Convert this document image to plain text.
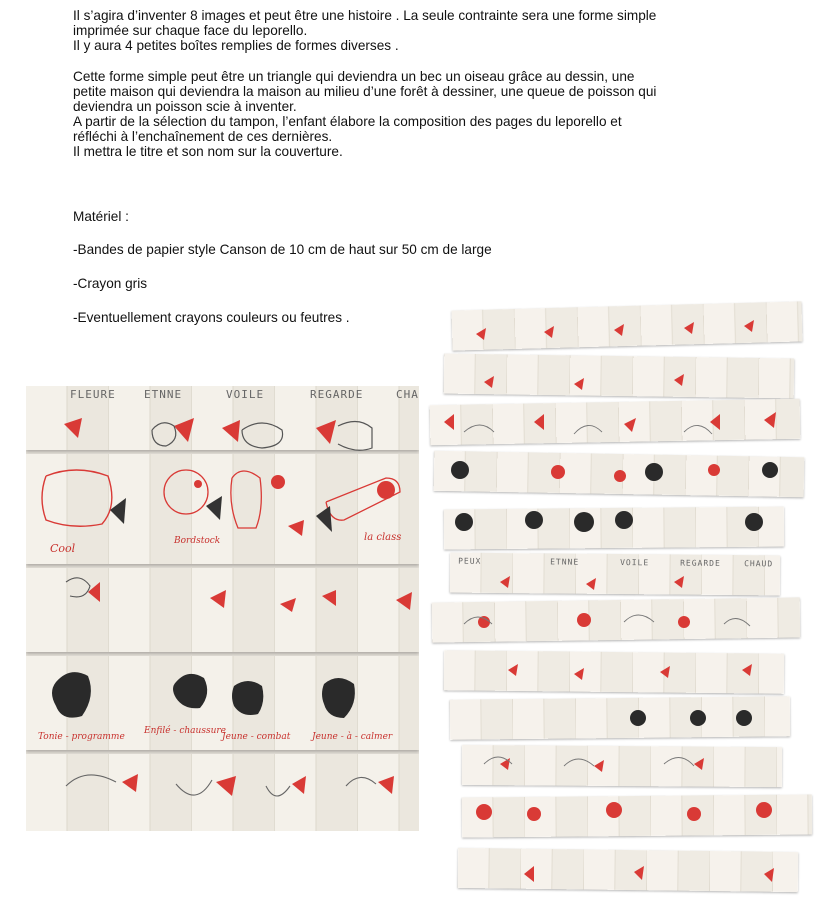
Il s’agira d’inventer 8 images et peut être une histoire . La seule contrainte sera une forme simple

imprimée sur chaque face du leporello.

Il y aura 4 petites boîtes remplies de formes diverses .

Cette forme simple peut être un triangle qui deviendra un bec un oiseau grâce au dessin, une

petite maison qui deviendra la maison au milieu d’une forêt à dessiner, une queue de poisson qui

deviendra un poisson scie à inventer.

A partir de la sélection du tampon, l’enfant élabore la composition des pages du leporello et

réfléchi à l’enchaînement de ces dernières.

Il mettra le titre et son nom sur la couverture.

Matériel :
-Bandes de papier style Canson de 10 cm de haut sur 50 cm de large
-Crayon gris
-Eventuellement crayons couleurs ou feutres .
FLEURE	ETNNE	VOILE	REGARDE	CHA
Cool
Bordstock	la class
Tonie - programme
Enfilé - chaussure
Jeune - combat Jeune - à - calmer
PEUX	ETNNE	VOILE	REGARDE	CHAUD
